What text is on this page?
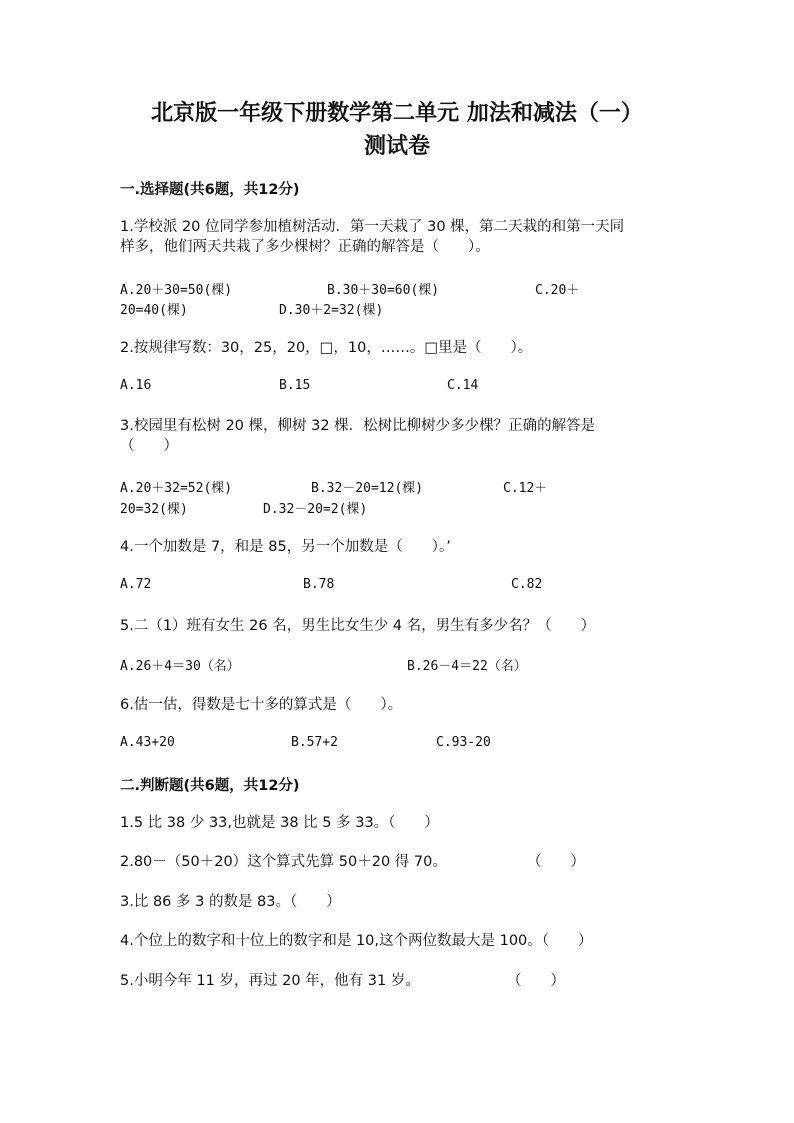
北京版一年级下册数学第二单元 加法和减法（一）
测试卷
一.选择题(共6题，共12分)
1.学校派 20 位同学参加植树活动．第一天栽了 30 棵，第二天栽的和第一天同
样多，他们两天共栽了多少棵树？正确的解答是（　　）。
A.20＋30=50(棵)	B.30＋30=60(棵)	C.20＋
20=40(棵)	D.30＋2=32(棵)
2.按规律写数：30，25，20，□，10，……。□里是（　　）。
A.16	B.15	C.14
3.校园里有松树 20 棵，柳树 32 棵．松树比柳树少多少棵？正确的解答是
（　　）
A.20＋32=52(棵)	B.32－20=12(棵)	C.12＋
20=32(棵)	D.32－20=2(棵)
4.一个加数是 7，和是 85，另一个加数是（　　）。’
A.72	B.78	C.82
5.二（1）班有女生 26 名，男生比女生少 4 名，男生有多少名？（　　）
A.26＋4＝30（名）	B.26－4＝22（名）
6.估一估，得数是七十多的算式是（　　）。
A.43+20	B.57+2	C.93-20
二.判断题(共6题，共12分)
1.5 比 38 少 33,也就是 38 比 5 多 33。（　　）
2.80－（50＋20）这个算式先算 50＋20 得 70。	（　　）
3.比 86 多 3 的数是 83。（　　）
4.个位上的数字和十位上的数字和是 10,这个两位数最大是 100。（　　）
5.小明今年 11 岁，再过 20 年，他有 31 岁。	（　　）
